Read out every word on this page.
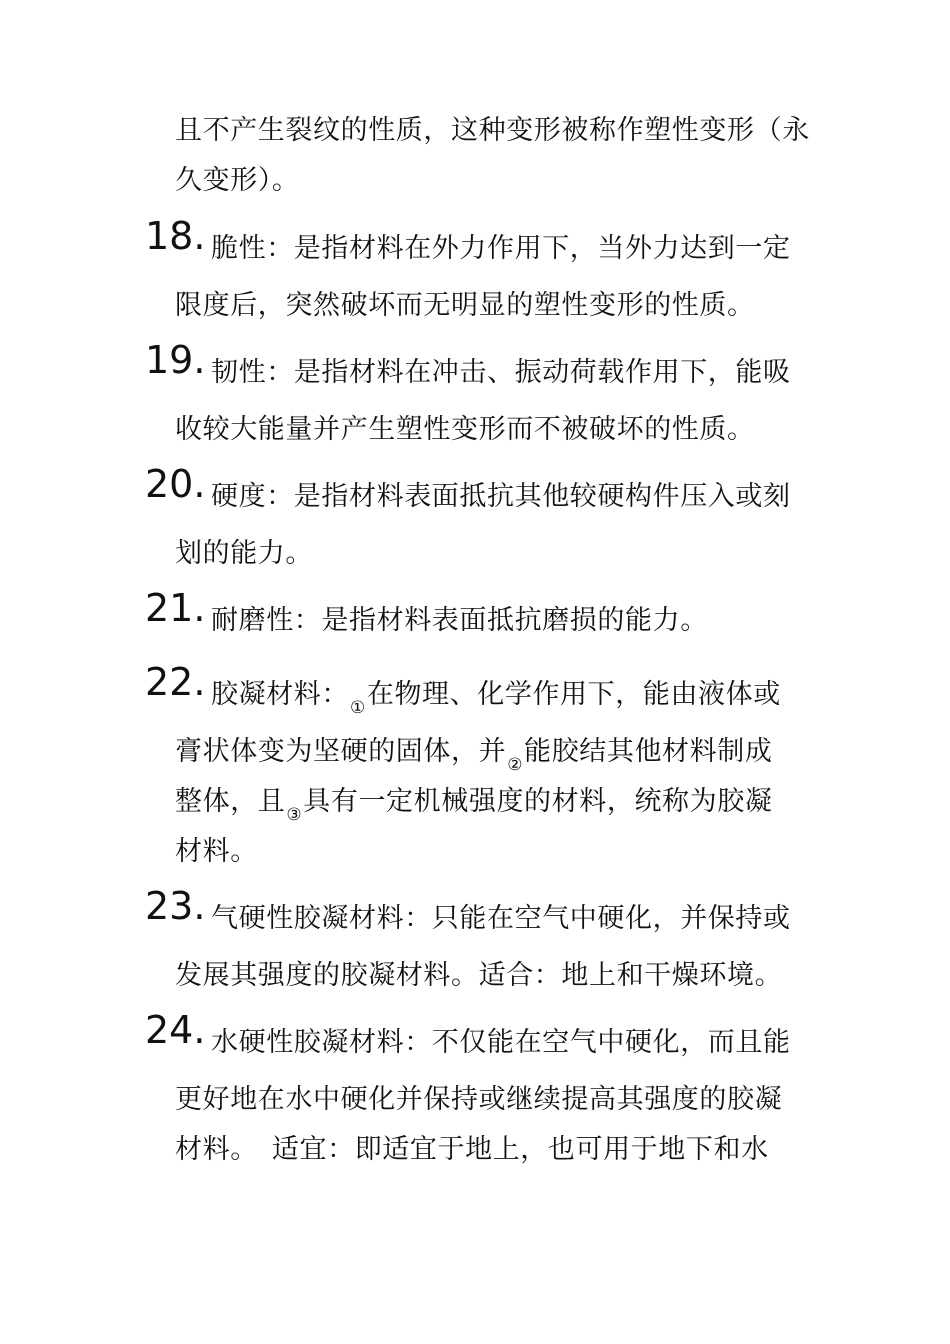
且不产生裂纹的性质，这种变形被称作塑性变形（永
久变形）。
18. 脆性：是指材料在外力作用下，当外力达到一定
限度后，突然破坏而无明显的塑性变形的性质。
19. 韧性：是指材料在冲击、振动荷载作用下，能吸
收较大能量并产生塑性变形而不被破坏的性质。
20. 硬度：是指材料表面抵抗其他较硬构件压入或刻
划的能力。
21. 耐磨性：是指材料表面抵抗磨损的能力。
22. 胶凝材料：$_①$在物理、化学作用下，能由液体或
膏状体变为坚硬的固体，并$_②$能胶结其他材料制成
整体，且$_③$具有一定机械强度的材料，统称为胶凝
材料。
23. 气硬性胶凝材料：只能在空气中硬化，并保持或
发展其强度的胶凝材料。适合：地上和干燥环境。
24. 水硬性胶凝材料：不仅能在空气中硬化，而且能
更好地在水中硬化并保持或继续提高其强度的胶凝
材料。　适宜：即适宜于地上，也可用于地下和水
